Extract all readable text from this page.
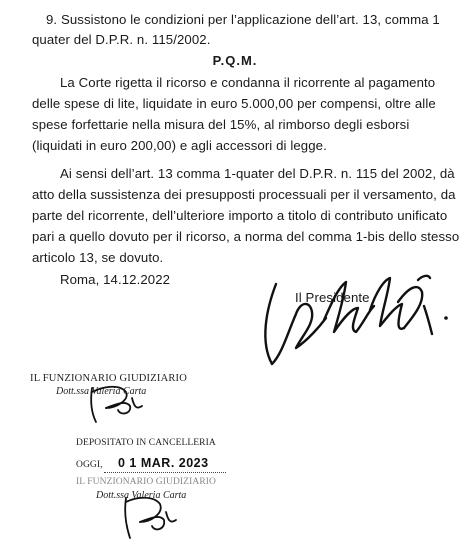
9. Sussistono le condizioni per l’applicazione dell’art. 13, comma 1
quater del D.P.R. n. 115/2002.
P.Q.M.
La Corte rigetta il ricorso e condanna il ricorrente al pagamento
delle spese di lite, liquidate in euro 5.000,00 per compensi, oltre alle
spese forfettarie nella misura del 15%, al rimborso degli esborsi
(liquidati in euro 200,00) e agli accessori di legge.
Ai sensi dell’art. 13 comma 1-quater del D.P.R. n. 115 del 2002, dà
atto della sussistenza dei presupposti processuali per il versamento, da
parte del ricorrente, dell’ulteriore importo a titolo di contributo unificato
pari a quello dovuto per il ricorso, a norma del comma 1-bis dello stesso
articolo 13, se dovuto.
Roma, 14.12.2022
Il Presidente
IL FUNZIONARIO GIUDIZIARIO
Dott.ssa Valeria Carta
DEPOSITATO IN CANCELLERIA
OGGI, 0 1 MAR. 2023
IL FUNZIONARIO GIUDIZIARIO
Dott.ssa Valeria Carta
